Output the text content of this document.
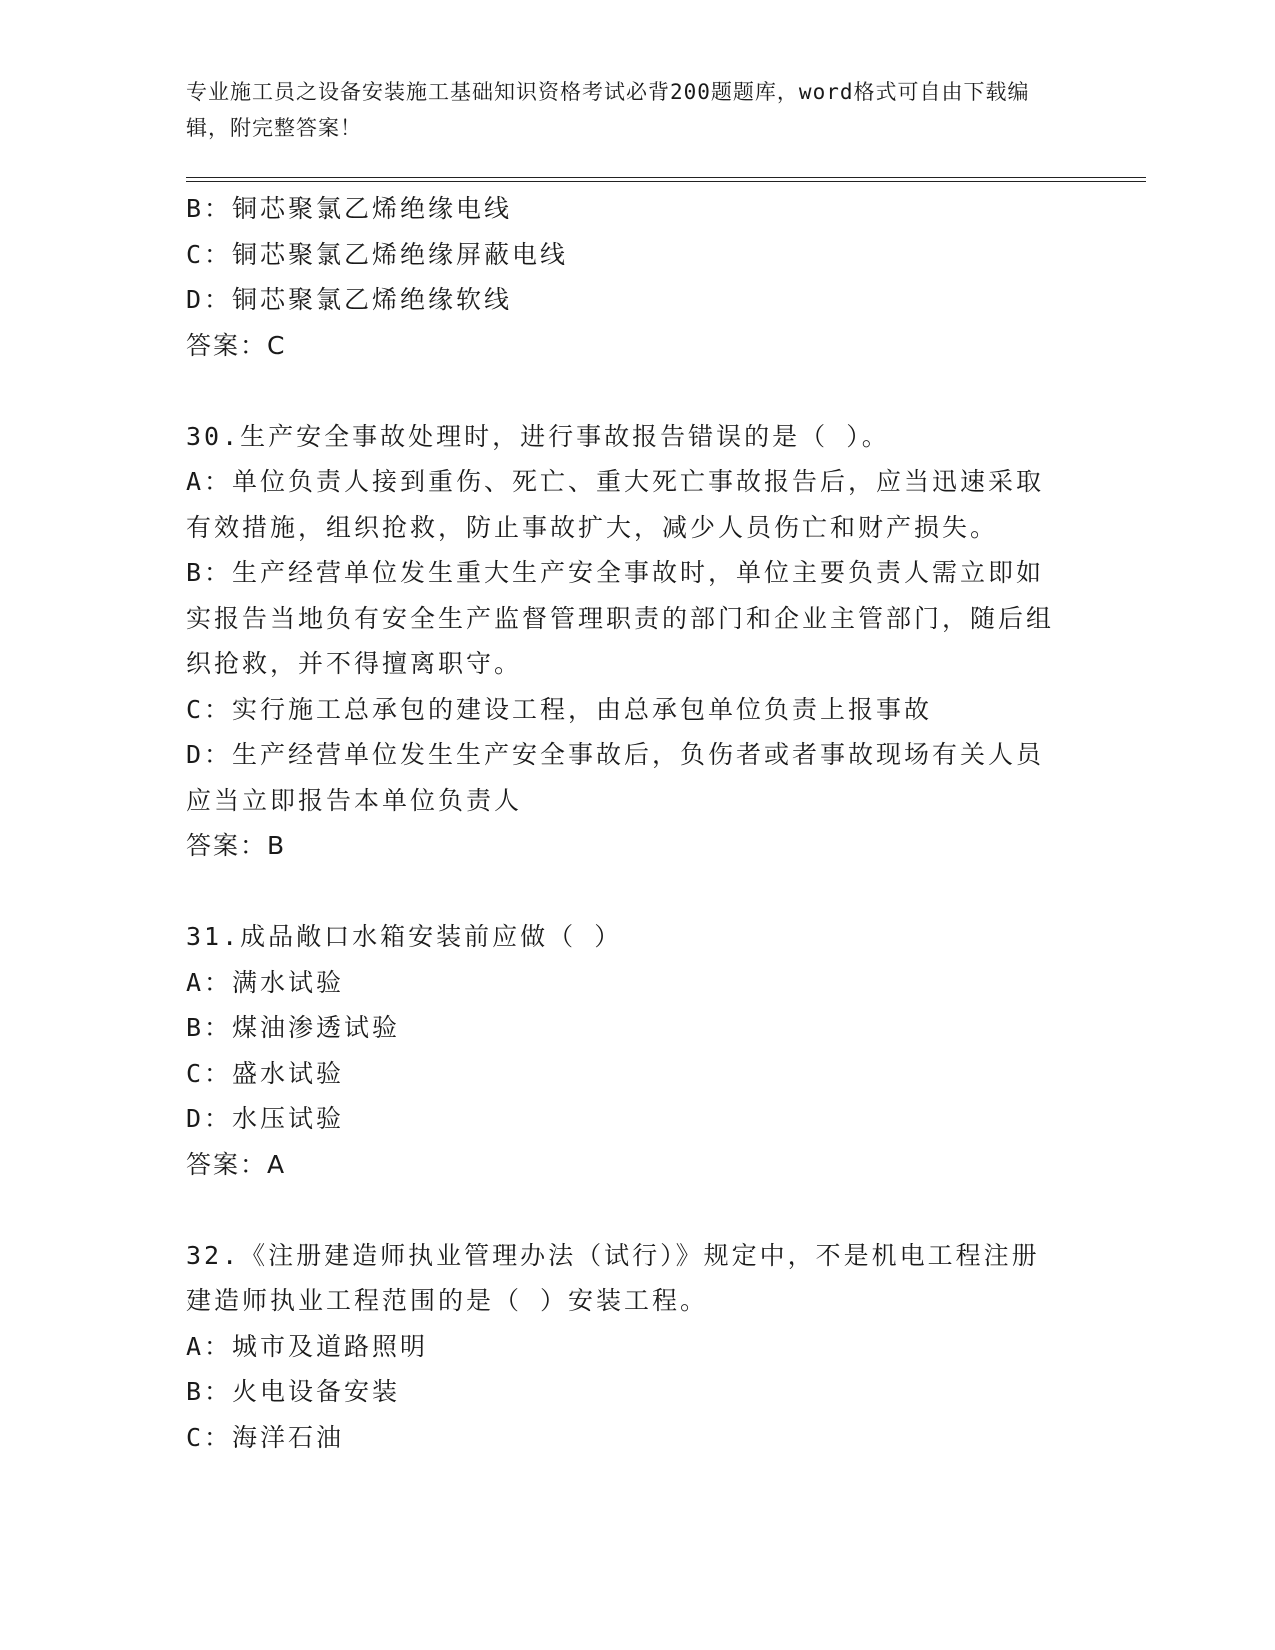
专业施工员之设备安装施工基础知识资格考试必背200题题库，word格式可自由下载编辑，附完整答案！

B：铜芯聚氯乙烯绝缘电线

C：铜芯聚氯乙烯绝缘屏蔽电线

D：铜芯聚氯乙烯绝缘软线

答案：C

30.生产安全事故处理时，进行事故报告错误的是（ ）。

A：单位负责人接到重伤、死亡、重大死亡事故报告后，应当迅速采取有效措施，组织抢救，防止事故扩大，减少人员伤亡和财产损失。

B：生产经营单位发生重大生产安全事故时，单位主要负责人需立即如实报告当地负有安全生产监督管理职责的部门和企业主管部门，随后组织抢救，并不得擅离职守。

C：实行施工总承包的建设工程，由总承包单位负责上报事故

D：生产经营单位发生生产安全事故后，负伤者或者事故现场有关人员应当立即报告本单位负责人

答案：B

31.成品敞口水箱安装前应做（ ）

A：满水试验

B：煤油渗透试验

C：盛水试验

D：水压试验

答案：A

32.《注册建造师执业管理办法（试行）》规定中，不是机电工程注册建造师执业工程范围的是（ ）安装工程。

A：城市及道路照明

B：火电设备安装

C：海洋石油
